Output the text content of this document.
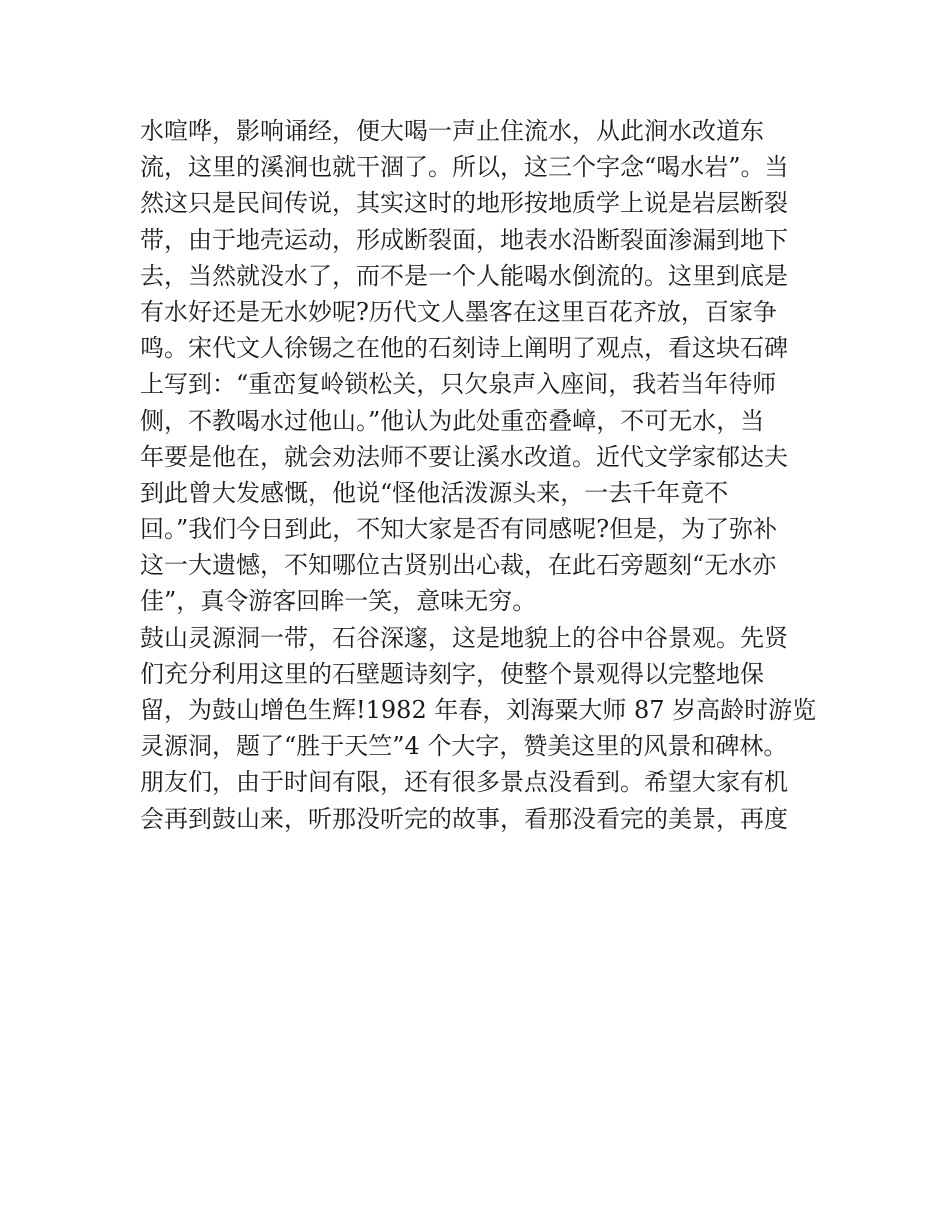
水喧哗，影响诵经，便大喝一声止住流水，从此涧水改道东
流，这里的溪涧也就干涸了。所以，这三个字念“喝水岩”。当
然这只是民间传说，其实这时的地形按地质学上说是岩层断裂
带，由于地壳运动，形成断裂面，地表水沿断裂面渗漏到地下
去，当然就没水了，而不是一个人能喝水倒流的。这里到底是
有水好还是无水妙呢?历代文人墨客在这里百花齐放，百家争
鸣。宋代文人徐锡之在他的石刻诗上阐明了观点，看这块石碑
上写到：“重峦复岭锁松关，只欠泉声入座间，我若当年待师
侧，不教喝水过他山。”他认为此处重峦叠嶂，不可无水，当
年要是他在，就会劝法师不要让溪水改道。近代文学家郁达夫
到此曾大发感慨，他说“怪他活泼源头来，一去千年竟不
回。”我们今日到此，不知大家是否有同感呢?但是，为了弥补
这一大遗憾，不知哪位古贤别出心裁，在此石旁题刻“无水亦
佳”，真令游客回眸一笑，意味无穷。
鼓山灵源洞一带，石谷深邃，这是地貌上的谷中谷景观。先贤
们充分利用这里的石壁题诗刻字，使整个景观得以完整地保
留，为鼓山增色生辉!1982 年春，刘海粟大师 87 岁高龄时游览
灵源洞，题了“胜于天竺”4 个大字，赞美这里的风景和碑林。
朋友们，由于时间有限，还有很多景点没看到。希望大家有机
会再到鼓山来，听那没听完的故事，看那没看完的美景，再度
